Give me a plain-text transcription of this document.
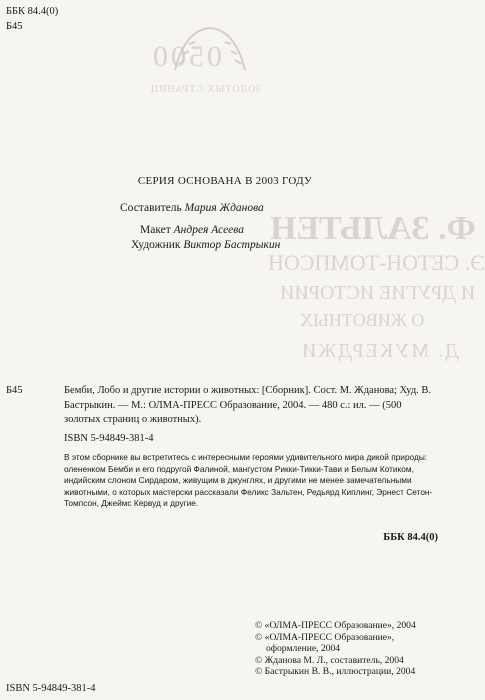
0500
ЗОЛОТЫХ СТРАНИЦ
Ф. ЗАЛЬТЕН
Э. СЕТОН-ТОМПСОН
И ДРУГИЕ ИСТОРИИ
О ЖИВОТНЫХ
Д. МУКЕРДЖИ
ББК 84.4(0)
Б45
СЕРИЯ ОСНОВАНА В 2003 ГОДУ
Составитель Мария Жданова
Макет Андрея Асеева
Художник Виктор Бастрыкин
Б45	Бемби, Лобо и другие истории о животных: [Сборник]. Сост. М. Жданова; Худ. В. Бастрыкин. — М.: ОЛМА-ПРЕСС Образование, 2004. — 480 с.: ил. — (500 золотых страниц о животных).
ISBN 5-94849-381-4
В этом сборнике вы встретитесь с интересными героями удивительного мира дикой природы: олененком Бемби и его подругой Фалиной, мангустом Рикки-Тикки-Тави и Белым Котиком, индийским слоном Сирдаром, живущим в джунглях, и другими не менее замечательными животными, о которых мастерски рассказали Феликс Зальтен, Редьярд Киплинг, Эрнест Сетон-Томпсон, Джеймс Кервуд и другие.
ББК 84.4(0)
© «ОЛМА-ПРЕСС Образование», 2004
© «ОЛМА-ПРЕСС Образование»,
оформление, 2004
© Жданова М. Л., составитель, 2004
© Бастрыкин В. В., иллюстрации, 2004
ISBN 5-94849-381-4
